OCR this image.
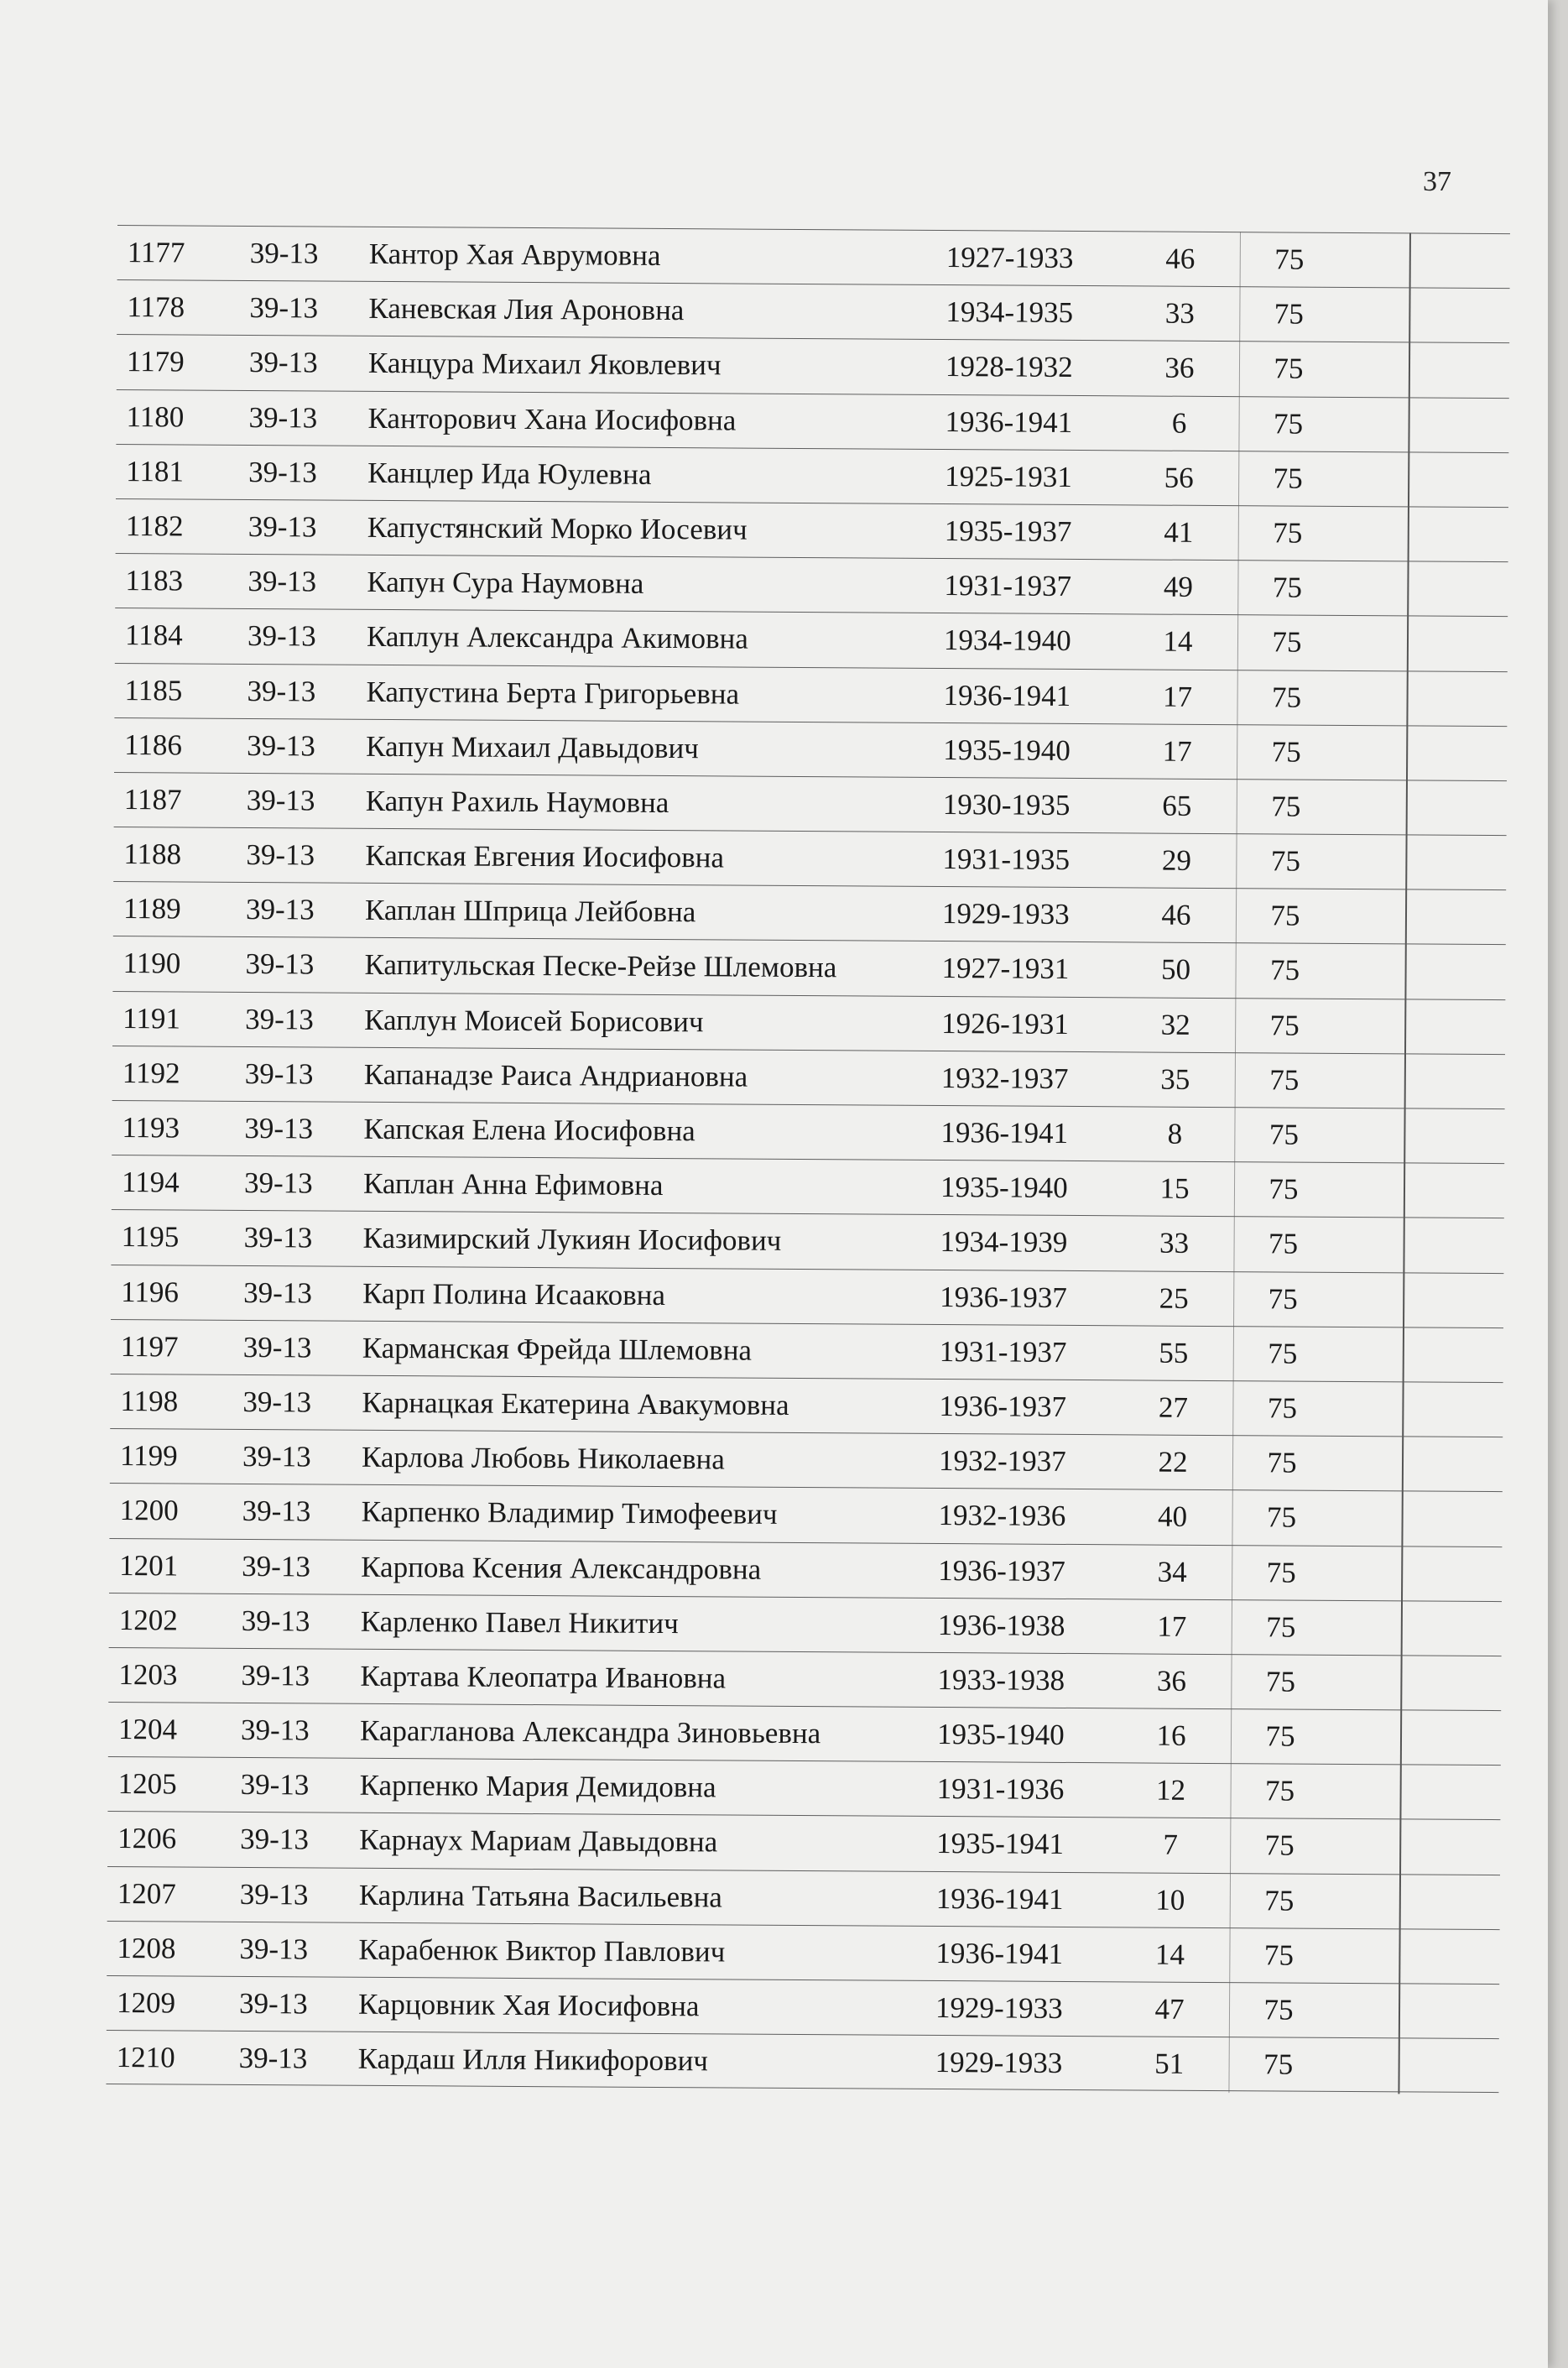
37
1177 39-13 Кантор Хая Аврумовна	1927-1933	46	75
1178 39-13 Каневская Лия Ароновна	1934-1935	33	75
1179 39-13 Канцура Михаил Яковлевич	1928-1932	36	75
1180 39-13 Канторович Хана Иосифовна	1936-1941	6	75
1181 39-13 Канцлер Ида Юулевна	1925-1931	56	75
1182 39-13 Капустянский Морко Иосевич	1935-1937	41	75
1183 39-13 Капун Сура Наумовна	1931-1937	49	75
1184 39-13 Каплун Александра Акимовна	1934-1940	14	75
1185 39-13 Капустина Берта Григорьевна	1936-1941	17	75
1186 39-13 Капун Михаил Давыдович	1935-1940	17	75
1187 39-13 Капун Рахиль Наумовна	1930-1935	65	75
1188 39-13 Капская Евгения Иосифовна	1931-1935	29	75
1189 39-13 Каплан Шприца Лейбовна	1929-1933	46	75
1190 39-13 Капитульская Песке-Рейзе Шлемовна	1927-1931	50	75
1191 39-13 Каплун Моисей Борисович	1926-1931	32	75
1192 39-13 Капанадзе Раиса Андриановна	1932-1937	35	75
1193 39-13 Капская Елена Иосифовна	1936-1941	8	75
1194 39-13 Каплан Анна Ефимовна	1935-1940	15	75
1195 39-13 Казимирский Лукиян Иосифович	1934-1939	33	75
1196 39-13 Карп Полина Исааковна	1936-1937	25	75
1197 39-13 Карманская Фрейда Шлемовна	1931-1937	55	75
1198 39-13 Карнацкая Екатерина Авакумовна	1936-1937	27	75
1199 39-13 Карлова Любовь Николаевна	1932-1937	22	75
1200 39-13 Карпенко Владимир Тимофеевич	1932-1936	40	75
1201 39-13 Карпова Ксения Александровна	1936-1937	34	75
1202 39-13 Карленко Павел Никитич	1936-1938	17	75
1203 39-13 Картава Клеопатра Ивановна	1933-1938	36	75
1204 39-13 Карагланова Александра Зиновьевна	1935-1940	16	75
1205 39-13 Карпенко Мария Демидовна	1931-1936	12	75
1206 39-13 Карнаух Мариам Давыдовна	1935-1941	7	75
1207 39-13 Карлина Татьяна Васильевна	1936-1941	10	75
1208 39-13 Карабенюк Виктор Павлович	1936-1941	14	75
1209 39-13 Карцовник Хая Иосифовна	1929-1933	47	75
1210 39-13 Кардаш Илля Никифорович	1929-1933	51	75
